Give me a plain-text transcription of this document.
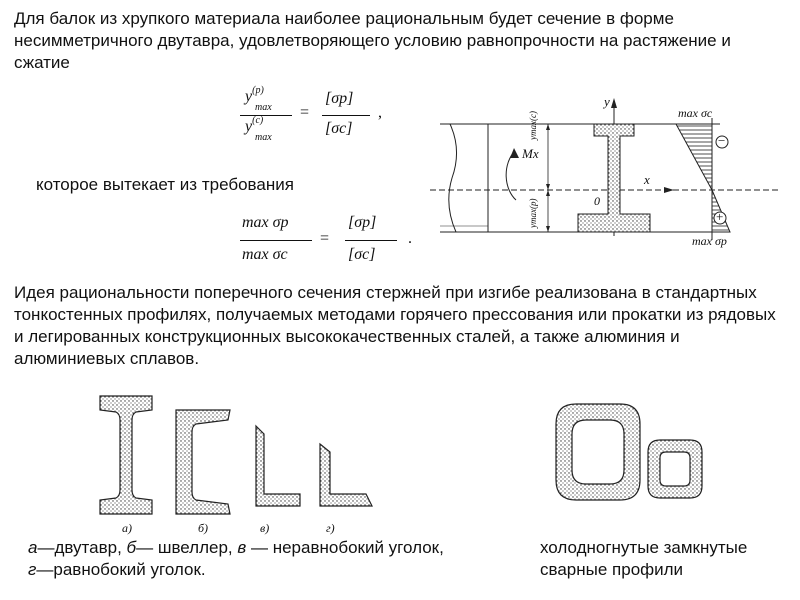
Для балок из хрупкого материала наиболее рациональным будет сечение в форме несимметричного двутавра, удовлетворяющего условию равнопрочности на растяжение и сжатие
$y^{(p)}$
max
$y^{(c)}$
max
=
[σp]
[σc]
,
которое вытекает из требования
max σp
max σc
=
[σp]
[σc]
.
y
x
Mx
0
ymax(c)
ymax(p)
max σc
max σp
−
+
Идея рациональности поперечного сечения стержней при изгибе реализована в стандартных тонкостенных профилях, получаемых методами горячего прессования или прокатки из рядовых и легированных конструкционных высококачественных сталей, а также алюминия и алюминиевых сплавов.
а)	б)	в)	г)
а—двутавр, б— швеллер, в — неравнобокий уголок,
г—равнобокий уголок.
холодногнутые замкнутые сварные профили
